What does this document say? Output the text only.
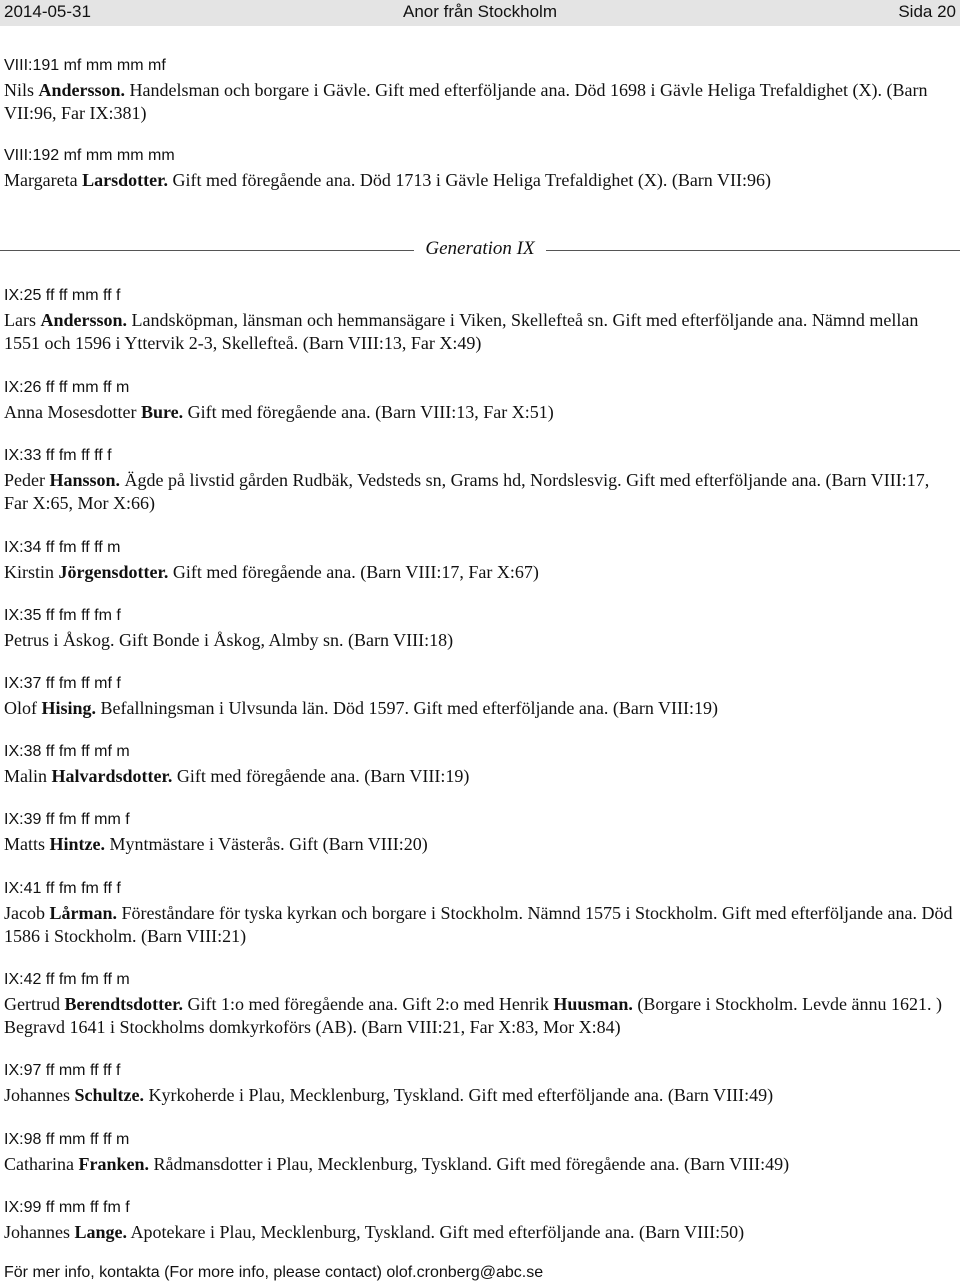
Anor från Stockholm
2014-05-31	Sida 20
VIII:191 mf mm mm mf
Nils Andersson. Handelsman och borgare i Gävle. Gift med efterföljande ana. Död 1698 i Gävle Heliga Trefaldighet (X). (Barn VII:96, Far IX:381)
VIII:192 mf mm mm mm
Margareta Larsdotter. Gift med föregående ana. Död 1713 i Gävle Heliga Trefaldighet (X). (Barn VII:96)
Generation IX
IX:25 ff ff mm ff f
Lars Andersson. Landsköpman, länsman och hemmansägare i Viken, Skellefteå sn. Gift med efterföljande ana. Nämnd mellan 1551 och 1596 i Yttervik 2-3, Skellefteå. (Barn VIII:13, Far X:49)
IX:26 ff ff mm ff m
Anna Mosesdotter Bure. Gift med föregående ana. (Barn VIII:13, Far X:51)
IX:33 ff fm ff ff f
Peder Hansson. Ägde på livstid gården Rudbäk, Vedsteds sn, Grams hd, Nordslesvig. Gift med efterföljande ana. (Barn VIII:17, Far X:65, Mor X:66)
IX:34 ff fm ff ff m
Kirstin Jörgensdotter. Gift med föregående ana. (Barn VIII:17, Far X:67)
IX:35 ff fm ff fm f
Petrus i Åskog. Gift Bonde i Åskog, Almby sn. (Barn VIII:18)
IX:37 ff fm ff mf f
Olof Hising. Befallningsman i Ulvsunda län. Död 1597. Gift med efterföljande ana. (Barn VIII:19)
IX:38 ff fm ff mf m
Malin Halvardsdotter. Gift med föregående ana. (Barn VIII:19)
IX:39 ff fm ff mm f
Matts Hintze. Myntmästare i Västerås. Gift (Barn VIII:20)
IX:41 ff fm fm ff f
Jacob Lårman. Föreståndare för tyska kyrkan och borgare i Stockholm. Nämnd 1575 i Stockholm. Gift med efterföljande ana. Död 1586 i Stockholm. (Barn VIII:21)
IX:42 ff fm fm ff m
Gertrud Berendtsdotter. Gift 1:o med föregående ana. Gift 2:o med Henrik Huusman. (Borgare i Stockholm. Levde ännu 1621. ) Begravd 1641 i Stockholms domkyrkoförs (AB). (Barn VIII:21, Far X:83, Mor X:84)
IX:97 ff mm ff ff f
Johannes Schultze. Kyrkoherde i Plau, Mecklenburg, Tyskland. Gift med efterföljande ana. (Barn VIII:49)
IX:98 ff mm ff ff m
Catharina Franken. Rådmansdotter i Plau, Mecklenburg, Tyskland. Gift med föregående ana. (Barn VIII:49)
IX:99 ff mm ff fm f
Johannes Lange. Apotekare i Plau, Mecklenburg, Tyskland. Gift med efterföljande ana. (Barn VIII:50)
För mer info, kontakta (For more info, please contact) olof.cronberg@abc.se
